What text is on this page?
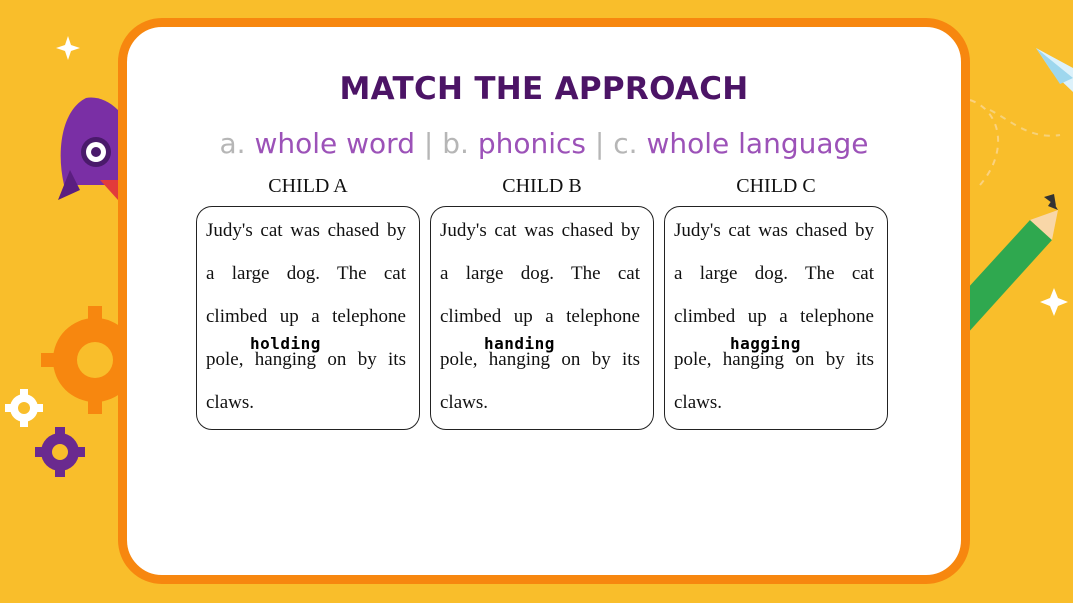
MATCH THE APPROACH

a. whole word | b. phonics | c. whole language

CHILD A
Judy's cat was chased by
a large dog. The cat
climbed up a telephone
holding
pole, hanging on by its
claws.
CHILD B
Judy's cat was chased by
a large dog. The cat
climbed up a telephone
handing
pole, hanging on by its
claws.
CHILD C
Judy's cat was chased by
a large dog. The cat
climbed up a telephone
hagging
pole, hanging on by its
claws.
